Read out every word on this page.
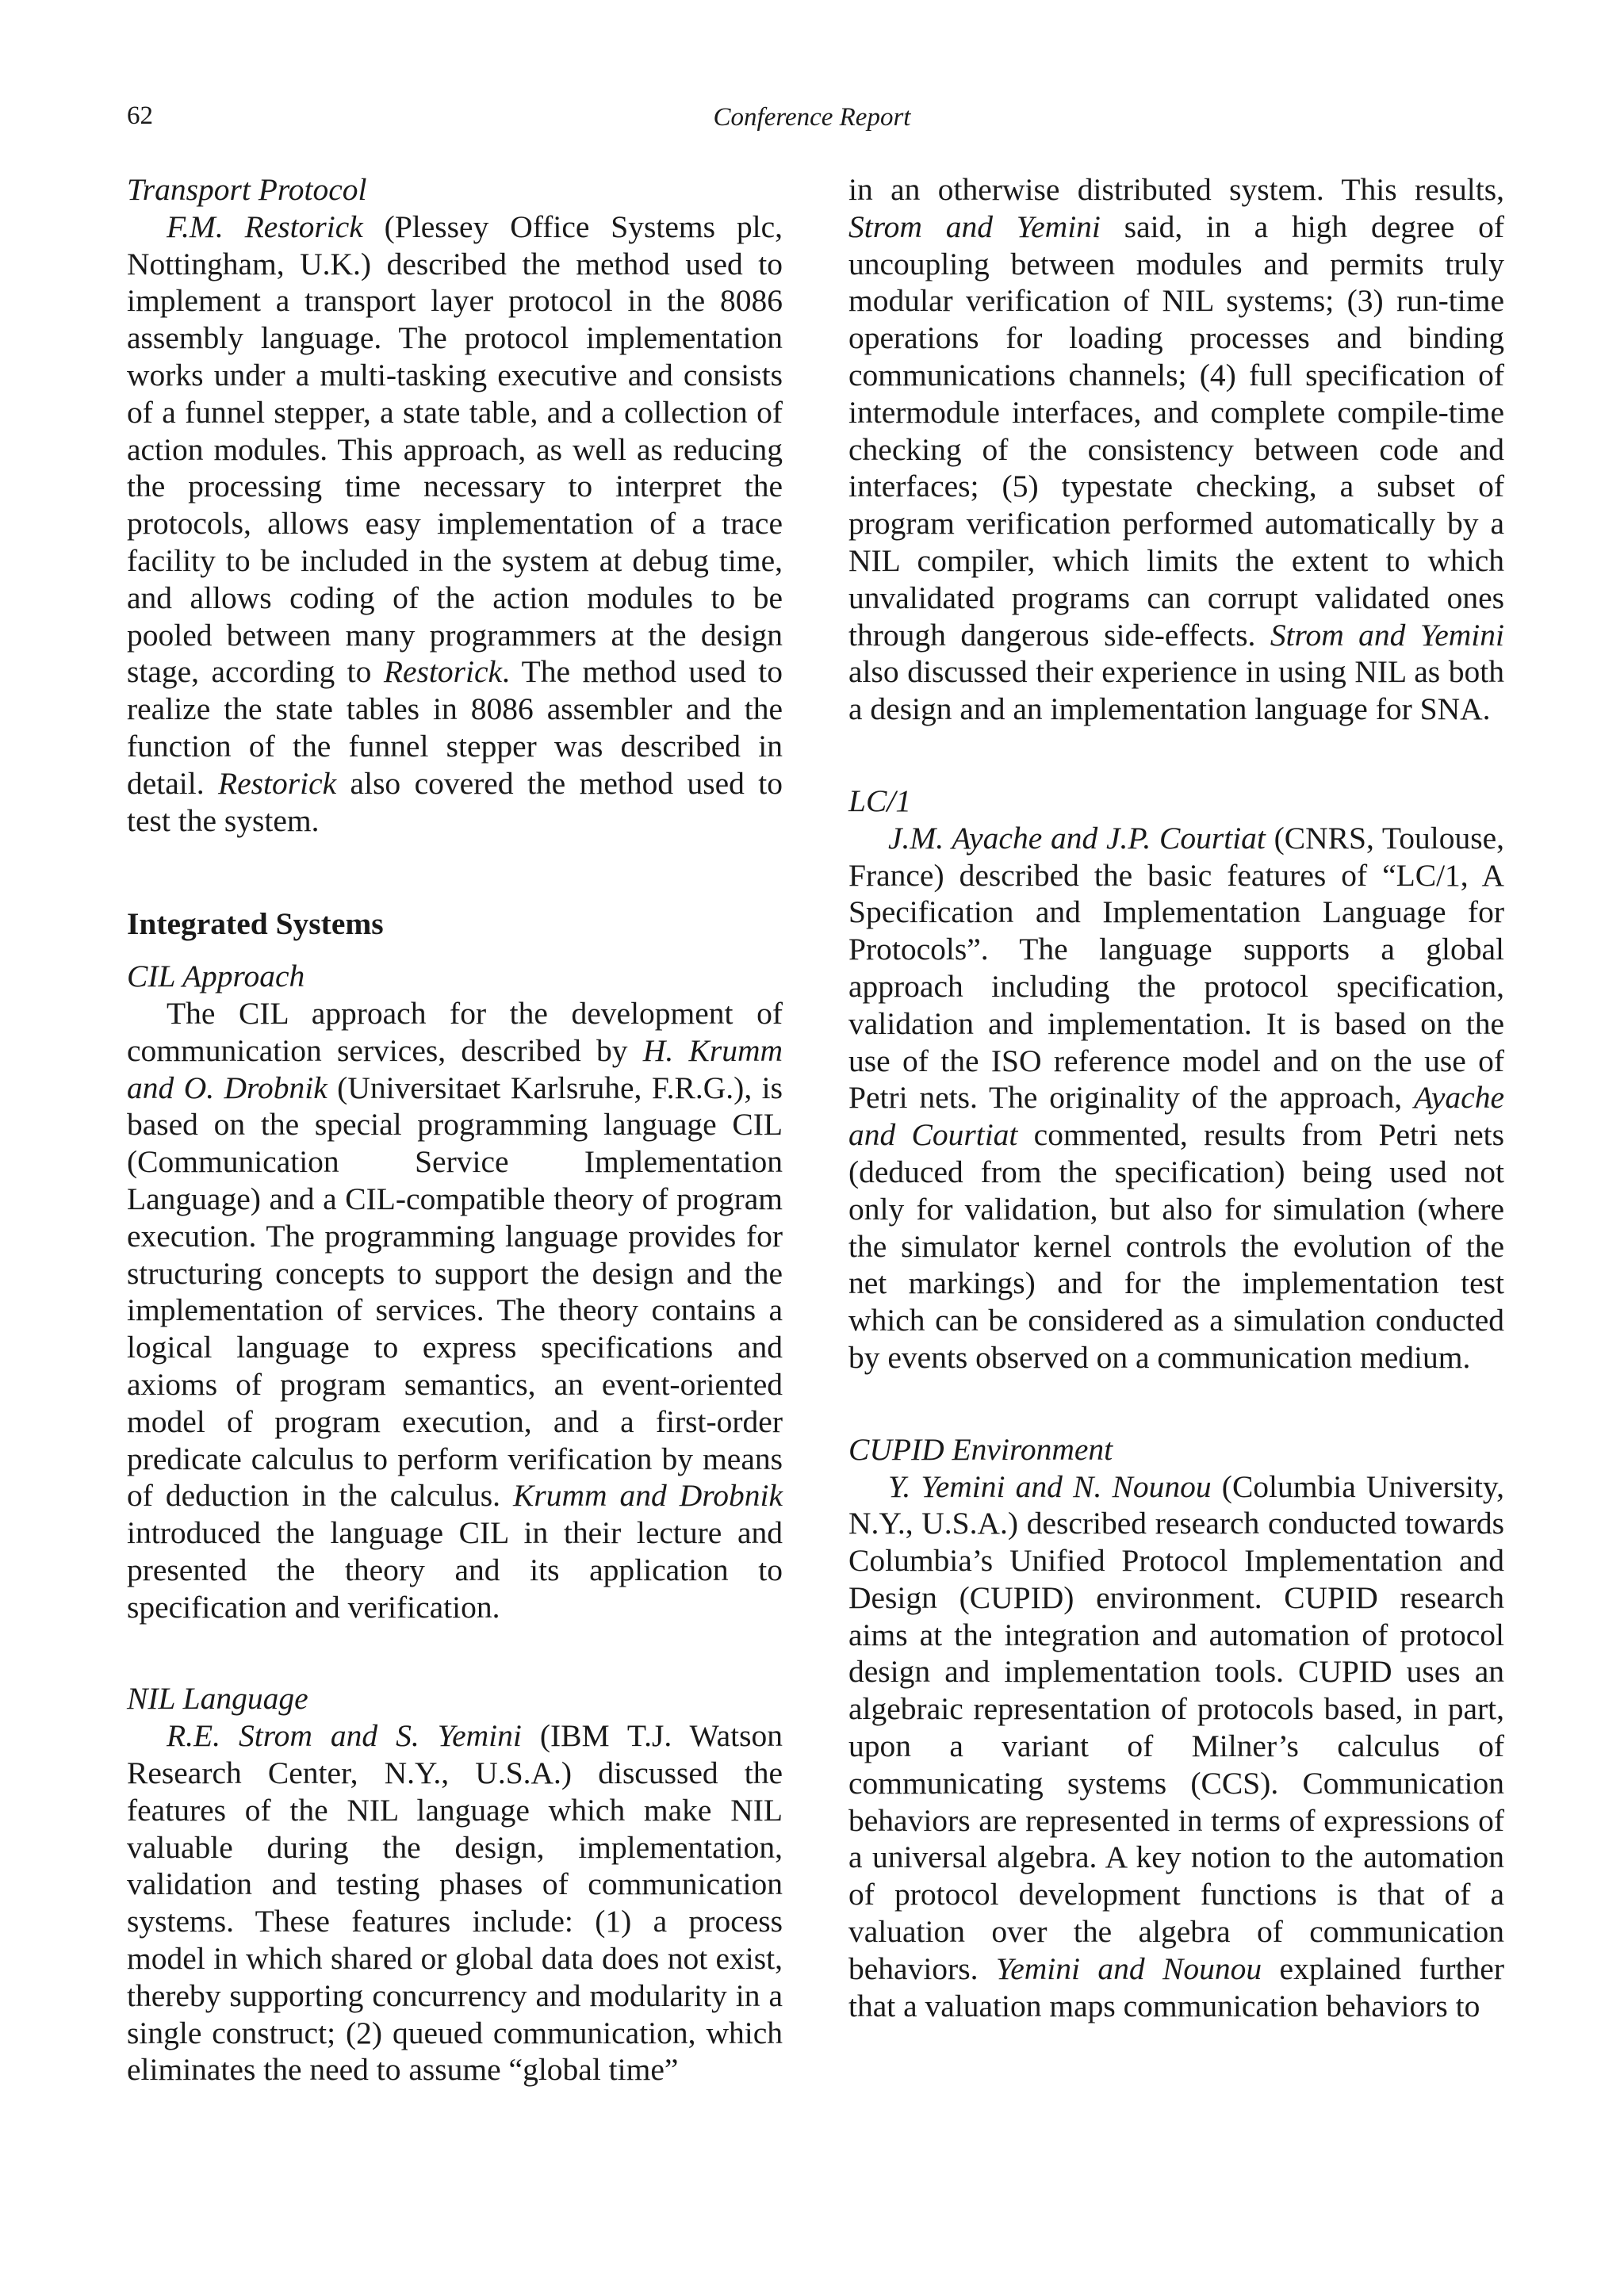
62	Conference Report

Transport Protocol

F.M. Restorick (Plessey Office Systems plc, Nottingham, U.K.) described the method used to implement a transport layer protocol in the 8086 assembly language. The protocol implementation works under a multi-tasking executive and consists of a funnel stepper, a state table, and a collection of action modules. This approach, as well as reducing the processing time necessary to interpret the protocols, allows easy implementation of a trace facility to be included in the system at debug time, and allows coding of the action modules to be pooled between many programmers at the design stage, according to Restorick. The method used to realize the state tables in 8086 assembler and the function of the funnel stepper was described in detail. Restorick also covered the method used to test the system.

Integrated Systems

CIL Approach

The CIL approach for the development of communication services, described by H. Krumm and O. Drobnik (Universitaet Karlsruhe, F.R.G.), is based on the special programming language CIL (Communication Service Implementation Language) and a CIL-compatible theory of program execution. The programming language provides for structuring concepts to support the design and the implementation of services. The theory contains a logical language to express specifications and axioms of program semantics, an event-oriented model of program execution, and a first-order predicate calculus to perform verification by means of deduction in the calculus. Krumm and Drobnik introduced the language CIL in their lecture and presented the theory and its application to specification and verification.

NIL Language

R.E. Strom and S. Yemini (IBM T.J. Watson Research Center, N.Y., U.S.A.) discussed the features of the NIL language which make NIL valuable during the design, implementation, validation and testing phases of communication systems. These features include: (1) a process model in which shared or global data does not exist, thereby supporting concurrency and modularity in a single construct; (2) queued communication, which eliminates the need to assume “global time”

in an otherwise distributed system. This results, Strom and Yemini said, in a high degree of uncoupling between modules and permits truly modular verification of NIL systems; (3) run-time operations for loading processes and binding communications channels; (4) full specification of intermodule interfaces, and complete compile-time checking of the consistency between code and interfaces; (5) typestate checking, a subset of program verification performed automatically by a NIL compiler, which limits the extent to which unvalidated programs can corrupt validated ones through dangerous side-effects. Strom and Yemini also discussed their experience in using NIL as both a design and an implementation language for SNA.

LC/1

J.M. Ayache and J.P. Courtiat (CNRS, Toulouse, France) described the basic features of “LC/1, A Specification and Implementation Language for Protocols”. The language supports a global approach including the protocol specification, validation and implementation. It is based on the use of the ISO reference model and on the use of Petri nets. The originality of the approach, Ayache and Courtiat commented, results from Petri nets (deduced from the specification) being used not only for validation, but also for simulation (where the simulator kernel controls the evolution of the net markings) and for the implementation test which can be considered as a simulation conducted by events observed on a communication medium.

CUPID Environment

Y. Yemini and N. Nounou (Columbia University, N.Y., U.S.A.) described research conducted towards Columbia’s Unified Protocol Implementation and Design (CUPID) environment. CUPID research aims at the integration and automation of protocol design and implementation tools. CUPID uses an algebraic representation of protocols based, in part, upon a variant of Milner’s calculus of communicating systems (CCS). Communication behaviors are represented in terms of expressions of a universal algebra. A key notion to the automation of protocol development functions is that of a valuation over the algebra of communication behaviors. Yemini and Nounou explained further that a valuation maps communication behaviors to
